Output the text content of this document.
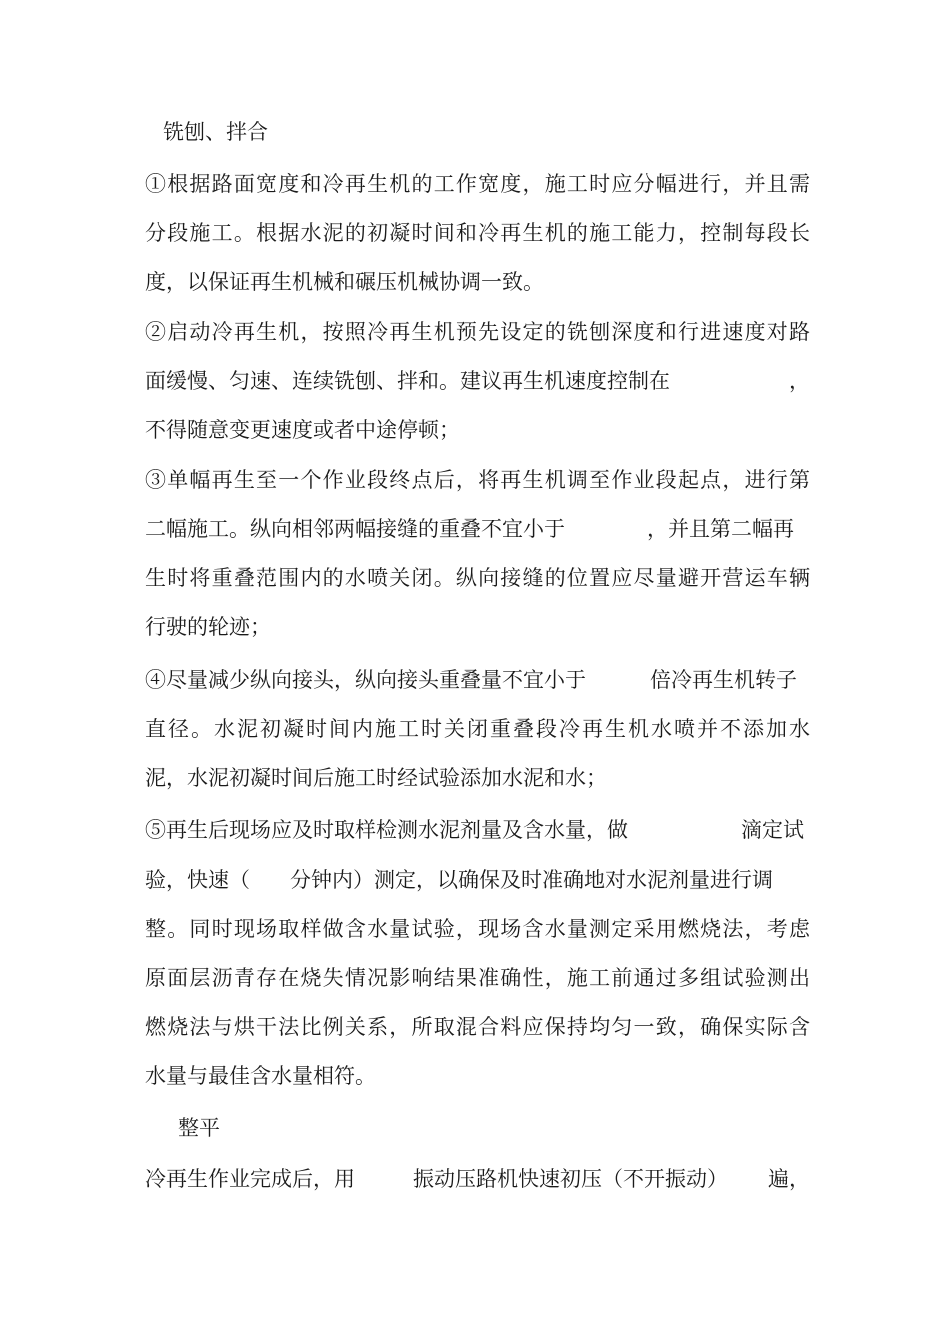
铣刨、拌合
①根据路面宽度和冷再生机的工作宽度，施工时应分幅进行，并且需
分段施工。根据水泥的初凝时间和冷再生机的施工能力，控制每段长
度，以保证再生机械和碾压机械协调一致。
②启动冷再生机，按照冷再生机预先设定的铣刨深度和行进速度对路
面缓慢、匀速、连续铣刨、拌和。建议再生机速度控制在	，
不得随意变更速度或者中途停顿；
③单幅再生至一个作业段终点后，将再生机调至作业段起点，进行第
二幅施工。纵向相邻两幅接缝的重叠不宜小于	，并且第二幅再
生时将重叠范围内的水喷关闭。纵向接缝的位置应尽量避开营运车辆
行驶的轮迹；
④尽量减少纵向接头，纵向接头重叠量不宜小于	倍冷再生机转子
直径。水泥初凝时间内施工时关闭重叠段冷再生机水喷并不添加水
泥，水泥初凝时间后施工时经试验添加水泥和水；
⑤再生后现场应及时取样检测水泥剂量及含水量，做	滴定试
验，快速（ 分钟内）测定，以确保及时准确地对水泥剂量进行调
整。同时现场取样做含水量试验，现场含水量测定采用燃烧法，考虑
原面层沥青存在烧失情况影响结果准确性，施工前通过多组试验测出
燃烧法与烘干法比例关系，所取混合料应保持均匀一致，确保实际含
水量与最佳含水量相符。
整平
冷再生作业完成后，用	振动压路机快速初压（不开振动） 遍，
